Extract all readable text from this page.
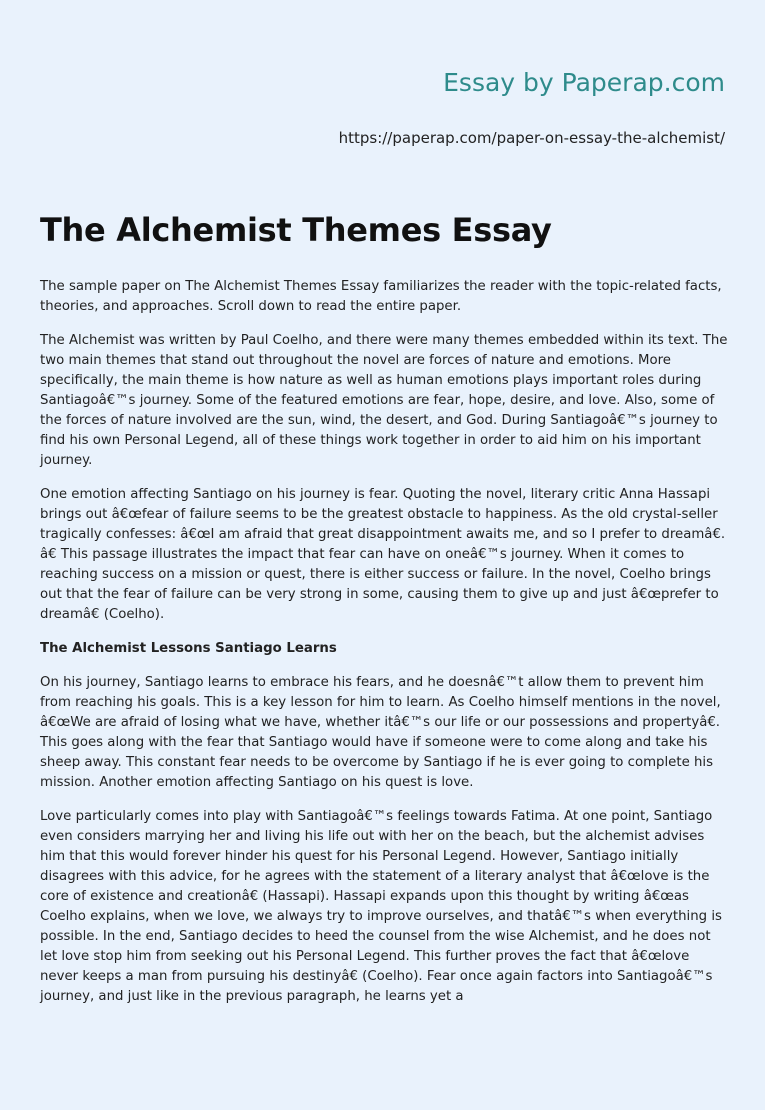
Essay by Paperap.com
https://paperap.com/paper-on-essay-the-alchemist/
The Alchemist Themes Essay

The sample paper on The Alchemist Themes Essay familiarizes the reader with the topic-related facts, theories, and approaches. Scroll down to read the entire paper.

The Alchemist was written by Paul Coelho, and there were many themes embedded within its text. The two main themes that stand out throughout the novel are forces of nature and emotions. More specifically, the main theme is how nature as well as human emotions plays important roles during Santiagoâ€™s journey. Some of the featured emotions are fear, hope, desire, and love. Also, some of the forces of nature involved are the sun, wind, the desert, and God. During Santiagoâ€™s journey to find his own Personal Legend, all of these things work together in order to aid him on his important journey.

One emotion affecting Santiago on his journey is fear. Quoting the novel, literary critic Anna Hassapi brings out â€œfear of failure seems to be the greatest obstacle to happiness. As the old crystal-seller tragically confesses: â€œI am afraid that great disappointment awaits me, and so I prefer to dreamâ€. â€ This passage illustrates the impact that fear can have on oneâ€™s journey. When it comes to reaching success on a mission or quest, there is either success or failure. In the novel, Coelho brings out that the fear of failure can be very strong in some, causing them to give up and just â€œprefer to dreamâ€ (Coelho).

The Alchemist Lessons Santiago Learns

On his journey, Santiago learns to embrace his fears, and he doesnâ€™t allow them to prevent him from reaching his goals. This is a key lesson for him to learn. As Coelho himself mentions in the novel, â€œWe are afraid of losing what we have, whether itâ€™s our life or our possessions and propertyâ€. This goes along with the fear that Santiago would have if someone were to come along and take his sheep away. This constant fear needs to be overcome by Santiago if he is ever going to complete his mission. Another emotion affecting Santiago on his quest is love.

Love particularly comes into play with Santiagoâ€™s feelings towards Fatima. At one point, Santiago even considers marrying her and living his life out with her on the beach, but the alchemist advises him that this would forever hinder his quest for his Personal Legend. However, Santiago initially disagrees with this advice, for he agrees with the statement of a literary analyst that â€œlove is the core of existence and creationâ€ (Hassapi). Hassapi expands upon this thought by writing â€œas Coelho explains, when we love, we always try to improve ourselves, and thatâ€™s when everything is possible. In the end, Santiago decides to heed the counsel from the wise Alchemist, and he does not let love stop him from seeking out his Personal Legend. This further proves the fact that â€œlove never keeps a man from pursuing his destinyâ€ (Coelho). Fear once again factors into Santiagoâ€™s journey, and just like in the previous paragraph, he learns yet a
